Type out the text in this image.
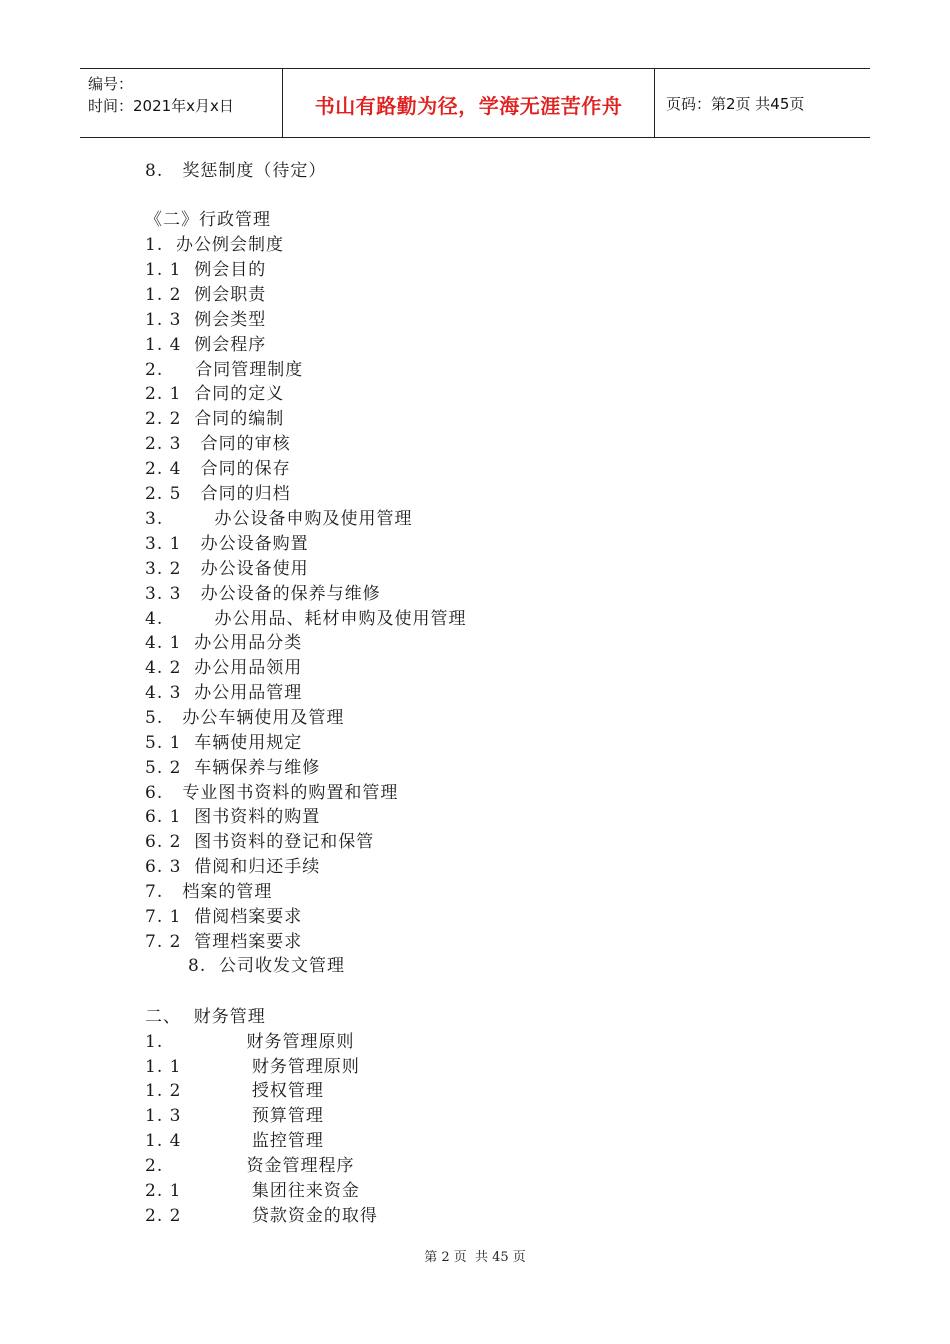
编号：
时间：2021年x月x日	书山有路勤为径，学海无涯苦作舟	页码：第2页 共45页
8.   奖惩制度（待定）
《二》行政管理
1.  办公例会制度
1. 1  例会目的
1. 2  例会职责
1. 3  例会类型
1. 4  例会程序
2.     合同管理制度
2. 1  合同的定义
2. 2  合同的编制
2. 3   合同的审核
2. 4   合同的保存
2. 5   合同的归档
3.        办公设备申购及使用管理
3. 1   办公设备购置
3. 2   办公设备使用
3. 3   办公设备的保养与维修
4.        办公用品、耗材申购及使用管理
4. 1  办公用品分类
4. 2  办公用品领用
4. 3  办公用品管理
5.   办公车辆使用及管理
5. 1  车辆使用规定
5. 2  车辆保养与维修
6.   专业图书资料的购置和管理
6. 1  图书资料的购置
6. 2  图书资料的登记和保管
6. 3  借阅和归还手续
7.   档案的管理
7. 1  借阅档案要求
7. 2  管理档案要求
8.  公司收发文管理
二、  财务管理
1.             财务管理原则
1. 1           财务管理原则
1. 2           授权管理
1. 3           预算管理
1. 4           监控管理
2.             资金管理程序
2. 1           集团往来资金
2. 2           贷款资金的取得
第 2 页  共 45 页
